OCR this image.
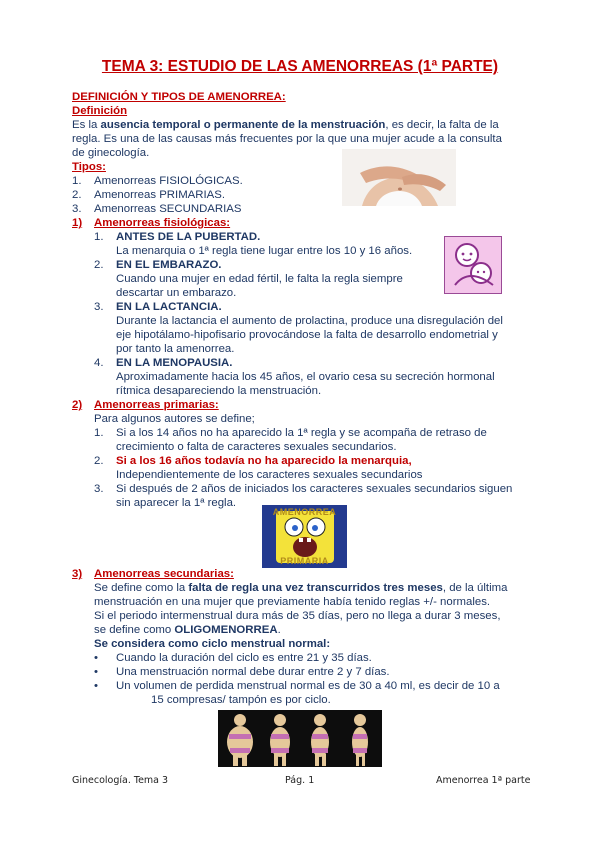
TEMA 3: ESTUDIO DE LAS AMENORREAS (1ª PARTE)
DEFINICIÓN Y TIPOS DE AMENORREA:
Definición
Es la ausencia temporal o permanente de la menstruación, es decir, la falta de la
regla. Es una de las causas más frecuentes por la que una mujer acude a la consulta
de ginecología.
Tipos:
1. Amenorreas FISIOLÓGICAS.
2. Amenorreas PRIMARIAS.
3. Amenorreas SECUNDARIAS
1) Amenorreas fisiológicas:
1. ANTES DE LA PUBERTAD.
La menarquia o 1ª regla tiene lugar entre los 10 y 16 años.
2. EN EL EMBARAZO.
Cuando una mujer en edad fértil, le falta la regla siempre
descartar un embarazo.
3. EN LA LACTANCIA.
Durante la lactancia el aumento de prolactina, produce una disregulación del
eje hipotálamo-hipofisario provocándose la falta de desarrollo endometrial y
por tanto la amenorrea.
4. EN LA MENOPAUSIA.
Aproximadamente hacia los 45 años, el ovario cesa su secreción hormonal
rítmica desapareciendo la menstruación.
2) Amenorreas primarias:
Para algunos autores se define;
1. Si a los 14 años no ha aparecido la 1ª regla y se acompaña de retraso de
crecimiento o falta de caracteres sexuales secundarios.
2. Si a los 16 años todavía no ha aparecido la menarquia,
Independientemente de los caracteres sexuales secundarios
3. Si después de 2 años de iniciados los caracteres sexuales secundarios siguen
sin aparecer la 1ª regla.
AMENORREA
PRIMARIA
3) Amenorreas secundarias:
Se define como la falta de regla una vez transcurridos tres meses, de la última
menstruación en una mujer que previamente había tenido reglas +/- normales.
Si el periodo intermenstrual dura más de 35 días, pero no llega a durar 3 meses,
se define como OLIGOMENORREA.
Se considera como ciclo menstrual normal:
• Cuando la duración del ciclo es entre 21 y 35 días.
• Una menstruación normal debe durar entre 2 y 7 días.
• Un volumen de perdida menstrual normal es de 30 a 40 ml, es decir de 10 a
15 compresas/ tampón es por ciclo.
Ginecología. Tema 3	Pág. 1	Amenorrea 1ª parte
